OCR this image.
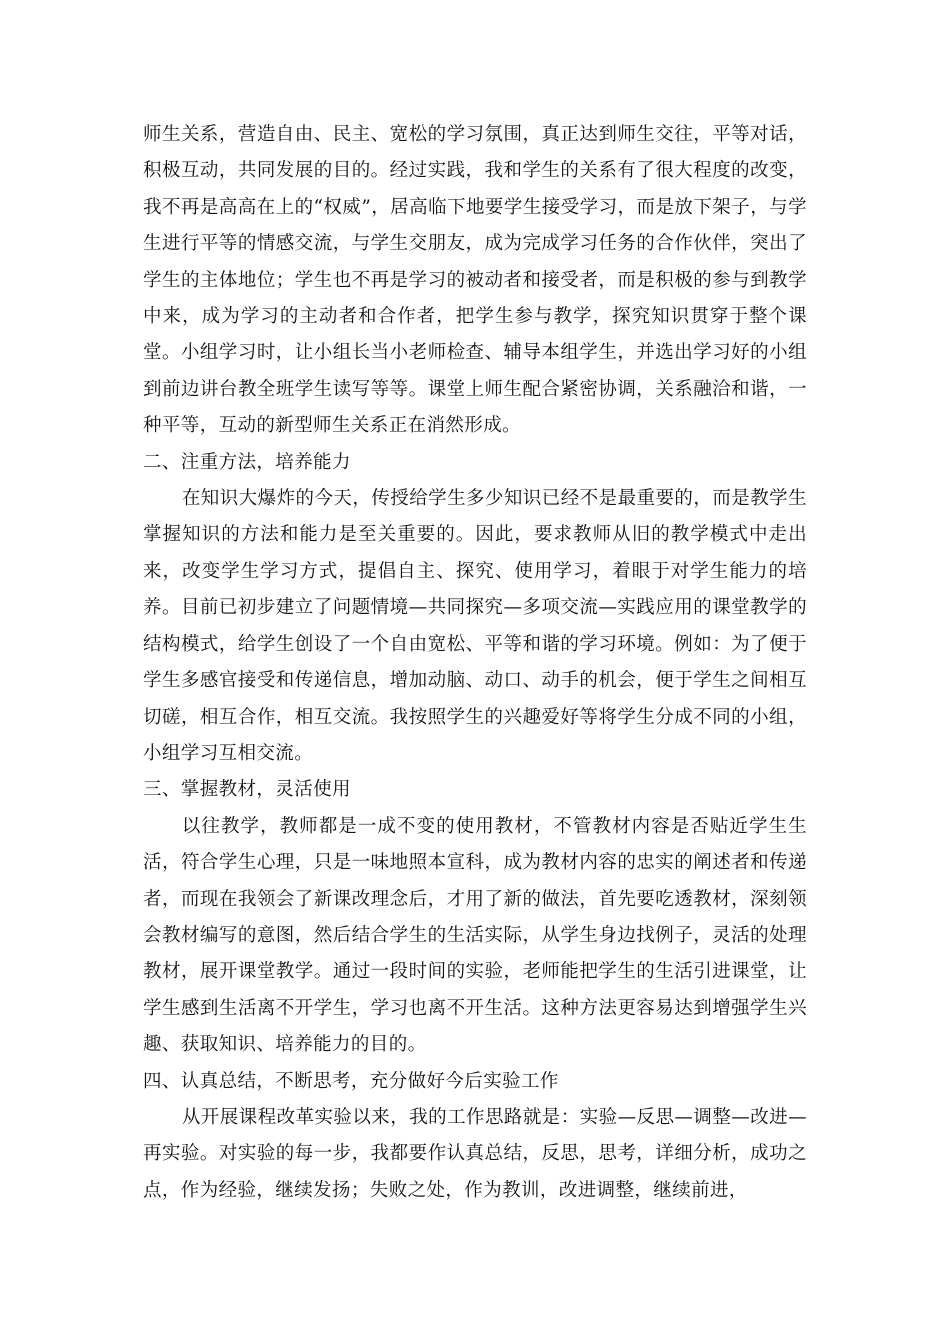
师生关系，营造自由、民主、宽松的学习氛围，真正达到师生交往，平等对话，积极互动，共同发展的目的。经过实践，我和学生的关系有了很大程度的改变，我不再是高高在上的“权威”，居高临下地要学生接受学习，而是放下架子，与学生进行平等的情感交流，与学生交朋友，成为完成学习任务的合作伙伴，突出了学生的主体地位；学生也不再是学习的被动者和接受者，而是积极的参与到教学中来，成为学习的主动者和合作者，把学生参与教学，探究知识贯穿于整个课堂。小组学习时，让小组长当小老师检查、辅导本组学生，并选出学习好的小组到前边讲台教全班学生读写等等。课堂上师生配合紧密协调，关系融洽和谐，一种平等，互动的新型师生关系正在消然形成。

二、注重方法，培养能力

在知识大爆炸的今天，传授给学生多少知识已经不是最重要的，而是教学生掌握知识的方法和能力是至关重要的。因此，要求教师从旧的教学模式中走出来，改变学生学习方式，提倡自主、探究、使用学习，着眼于对学生能力的培养。目前已初步建立了问题情境—共同探究—多项交流—实践应用的课堂教学的结构模式，给学生创设了一个自由宽松、平等和谐的学习环境。例如：为了便于学生多感官接受和传递信息，增加动脑、动口、动手的机会，便于学生之间相互切磋，相互合作，相互交流。我按照学生的兴趣爱好等将学生分成不同的小组，小组学习互相交流。

三、掌握教材，灵活使用

以往教学，教师都是一成不变的使用教材，不管教材内容是否贴近学生生活，符合学生心理，只是一味地照本宣科，成为教材内容的忠实的阐述者和传递者，而现在我领会了新课改理念后，才用了新的做法，首先要吃透教材，深刻领会教材编写的意图，然后结合学生的生活实际，从学生身边找例子，灵活的处理教材，展开课堂教学。通过一段时间的实验，老师能把学生的生活引进课堂，让学生感到生活离不开学生，学习也离不开生活。这种方法更容易达到增强学生兴趣、获取知识、培养能力的目的。

四、认真总结，不断思考，充分做好今后实验工作

从开展课程改革实验以来，我的工作思路就是：实验—反思—调整—改进—再实验。对实验的每一步，我都要作认真总结，反思，思考，详细分析，成功之点，作为经验，继续发扬；失败之处，作为教训，改进调整，继续前进，
